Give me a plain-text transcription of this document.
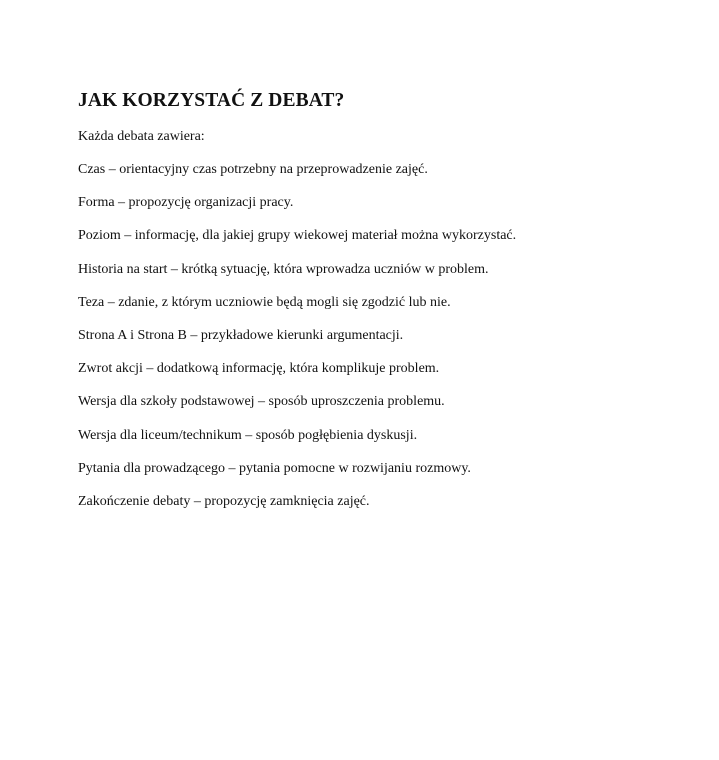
JAK KORZYSTAĆ Z DEBAT?

Każda debata zawiera:

Czas – orientacyjny czas potrzebny na przeprowadzenie zajęć.
Forma – propozycję organizacji pracy.
Poziom – informację, dla jakiej grupy wiekowej materiał można wykorzystać.
Historia na start – krótką sytuację, która wprowadza uczniów w problem.
Teza – zdanie, z którym uczniowie będą mogli się zgodzić lub nie.
Strona A i Strona B – przykładowe kierunki argumentacji.
Zwrot akcji – dodatkową informację, która komplikuje problem.
Wersja dla szkoły podstawowej – sposób uproszczenia problemu.
Wersja dla liceum/technikum – sposób pogłębienia dyskusji.
Pytania dla prowadzącego – pytania pomocne w rozwijaniu rozmowy.
Zakończenie debaty – propozycję zamknięcia zajęć.
